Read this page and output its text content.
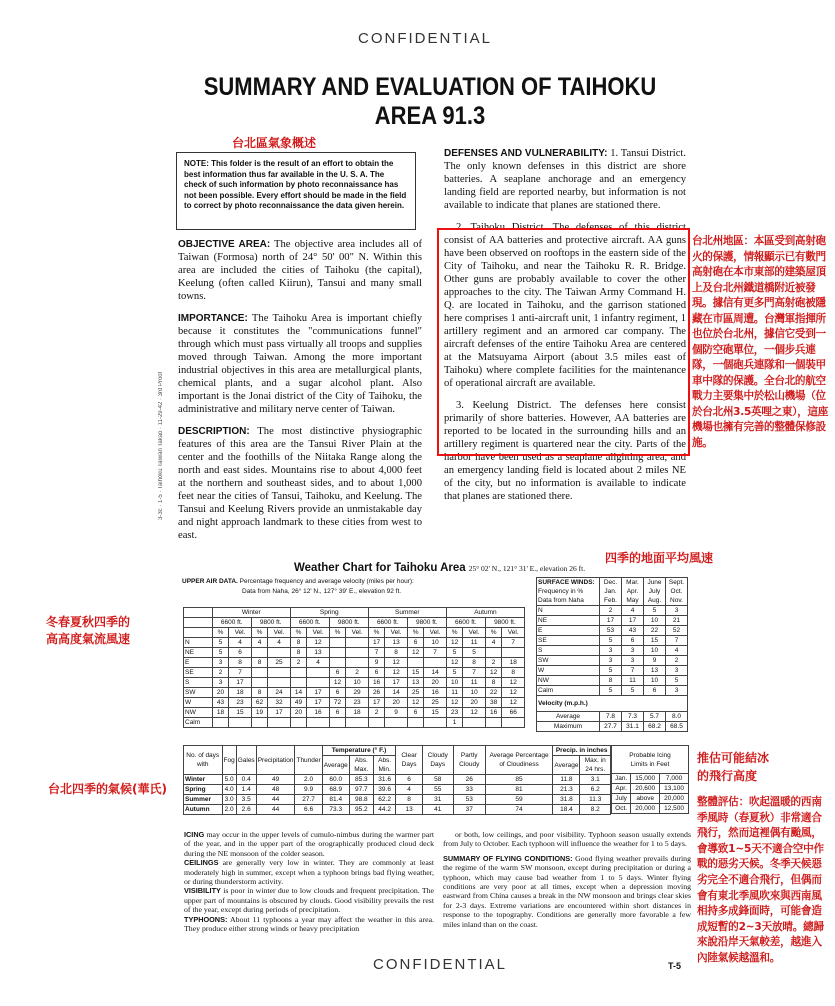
CONFIDENTIAL
SUMMARY AND EVALUATION OF TAIHOKU AREA 91.3
3-3c · 1-5 · Taihoku Taiwan Takao · 11-29-42 · 3rd Proof
台北區氣象概述
NOTE: This folder is the result of an effort to obtain the best information thus far available in the U. S. A. The check of such information by photo reconnaissance has not been possible. Every effort should be made in the field to correct by photo reconnaissance the data given herein.
OBJECTIVE AREA: The objective area includes all of Taiwan (Formosa) north of 24° 50' 00" N. Within this area are included the cities of Taihoku (the capital), Keelung (often called Kiirun), Tansui and many small towns.
IMPORTANCE: The Taihoku Area is important chiefly because it constitutes the "communications funnel" through which must pass virtually all troops and supplies moved through Taiwan. Among the more important industrial objectives in this area are metallurgical plants, chemical plants, and a sugar alcohol plant. Also important is the Jonai district of the City of Taihoku, the administrative and military nerve center of Taiwan.
DESCRIPTION: The most distinctive physiographic features of this area are the Tansui River Plain at the center and the foothills of the Niitaka Range along the north and east sides. Mountains rise to about 4,000 feet at the northern and southeast sides, and to about 1,000 feet near the cities of Tansui, Taihoku, and Keelung. The Tansui and Keelung Rivers provide an unmistakable day and night approach landmark to these cities from west to east.
DEFENSES AND VULNERABILITY: 1. Tansui District. The only known defenses in this district are shore batteries. A seaplane anchorage and an emergency landing field are reported nearby, but information is not available to indicate that planes are stationed there.
2. Taihoku District. The defenses of this district consist of AA batteries and protective aircraft. AA guns have been observed on rooftops in the eastern side of the City of Taihoku, and near the Taihoku R. R. Bridge. Other guns are probably available to cover the other approaches to the city. The Taiwan Army Command H. Q. are located in Taihoku, and the garrison stationed here comprises 1 anti-aircraft unit, 1 infantry regiment, 1 artillery regiment and an armored car company. The aircraft defenses of the entire Taihoku Area are centered at the Matsuyama Airport (about 3.5 miles east of Taihoku) where complete facilities for the maintenance of operational aircraft are available.
3. Keelung District. The defenses here consist primarily of shore batteries. However, AA batteries are reported to be located in the surrounding hills and an artillery regiment is quartered near the city. Parts of the harbor have been used as a seaplane alighting area, and an emergency landing field is located about 2 miles NE of the city, but no information is available to indicate that planes are stationed there.
台北州地區：本區受到高射砲火的保護，情報顯示已有數門高射砲在本市東部的建築屋頂上及台北州鐵道橋附近被發現。據信有更多門高射砲被隱藏在市區周遭。台灣軍指揮所也位於台北州，據信它受到一個防空砲單位，一個步兵連隊，一個砲兵連隊和一個裝甲車中隊的保護。全台北的航空戰力主要集中於松山機場（位於台北州3.5英哩之東），這座機場也擁有完善的整體保修設施。
Weather Chart for Taihoku Area 25° 02' N., 121° 31' E., elevation 26 ft.
四季的地面平均風速
UPPER AIR DATA. Percentage frequency and average velocity (miles per hour):
Data from Naha, 26° 12' N., 127° 39' E., elevation 92 ft.
	Winter				Spring				Summer				Autumn			
	6600 ft.		9800 ft.		6600 ft.		9800 ft.		6600 ft.		9800 ft.		6600 ft.		9800 ft.	
	%	Vel.	%	Vel.	%	Vel.	%	Vel.	%	Vel.	%	Vel.	%	Vel.	%	Vel.
N	5	4	4	4	8	12			17	13	6	10	12	11	4	7
NE	5	6			8	13			7	8	12	7	5	5		
E	3	8	8	25	2	4			9	12			12	8	2	18
SE	2	7					6	2	6	12	15	14	5	7	12	8
S	3	17					12	10	16	17	13	20	10	11	8	12
SW	20	18	8	24	14	17	6	29	26	14	25	16	11	10	22	12
W	43	23	62	32	49	17	72	23	17	20	12	25	12	20	38	12
NW	18	15	19	17	20	16	6	18	2	9	6	15	23	12	16	66
Calm													1			
SURFACE WINDS:
Frequency in %
Data from Naha	Dec. Jan. Feb.	Mar. Apr. May	June July Aug.	Sept. Oct. Nov.
N	2	4	5	3
NE	17	17	10	21
E	53	43	22	52
SE	5	6	15	7
S	3	3	10	4
SW	3	3	9	2
W	5	7	13	3
NW	8	11	10	5
Calm	5	5	6	3
Velocity (m.p.h.)				
Average	7.8	7.3	5.7	8.0
Maximum	27.7	31.1	68.2	68.5
冬春夏秋四季的
高高度氣流風速
No. of days with	Fog	Gales	Precipitation	Thunder	Temperature (° F.)			Clear Days	Cloudy Days	Partly Cloudy	Average Percentage of Cloudiness	Precip. in inches	
					Average	Abs. Max.	Abs. Min.					Average	Max. in 24 hrs.
Winter	5.0	0.4	49	2.0	60.0	85.3	31.6	6	58	26	85	11.8	3.1
Spring	4.0	1.4	48	9.9	68.9	97.7	39.6	4	55	33	81	21.3	6.2
Summer	3.0	3.5	44	27.7	81.4	98.8	62.2	8	31	53	59	31.8	11.3
Autumn	2.0	2.6	44	6.6	73.3	95.2	44.2	13	41	37	74	18.4	8.2
Probable Icing
Limits in Feet		

Jan.	15,000	7,000
Apr.	20,600	13,100
July	above	20,000
Oct.	20,000	12,500
台北四季的氣候(華氏)
推估可能結冰
的飛行高度
整體評估：吹起溫暖的西南季風時（春夏秋）非常適合飛行，然而這裡偶有颱風，會導致1~5天不適合空中作戰的惡劣天候。冬季天候惡劣完全不適合飛行，但偶而會有東北季風吹來與西南風相持多成鋒面時，可能會造成短暫的2~3天放晴。總歸來說沿岸天氣較差，越進入內陸氣候越溫和。
ICING may occur in the upper levels of cumulo-nimbus during the warmer part of the year, and in the upper part of the orographically produced cloud deck during the NE monsoon of the colder season.
CEILINGS are generally very low in winter. They are commonly at least moderately high in summer, except when a typhoon brings bad flying weather, or during thunderstorm activity.
VISIBILITY is poor in winter due to low clouds and frequent precipitation. The upper part of mountains is obscured by clouds. Good visibility prevails the rest of the year, except during periods of precipitation.
TYPHOONS: About 11 typhoons a year may affect the weather in this area. They produce either strong winds or heavy precipitation
or both, low ceilings, and poor visibility. Typhoon season usually extends from July to October. Each typhoon will influence the weather for 1 to 5 days.
SUMMARY OF FLYING CONDITIONS: Good flying weather prevails during the regime of the warm SW monsoon, except during precipitation or during a typhoon, which may cause bad weather from 1 to 5 days. Winter flying conditions are very poor at all times, except when a depression moving eastward from China causes a break in the NW monsoon and brings clear skies for 2-3 days. Extreme variations are encountered within short distances in response to the topography. Conditions are generally more favorable a few miles inland than on the coast.
CONFIDENTIAL	T-5
